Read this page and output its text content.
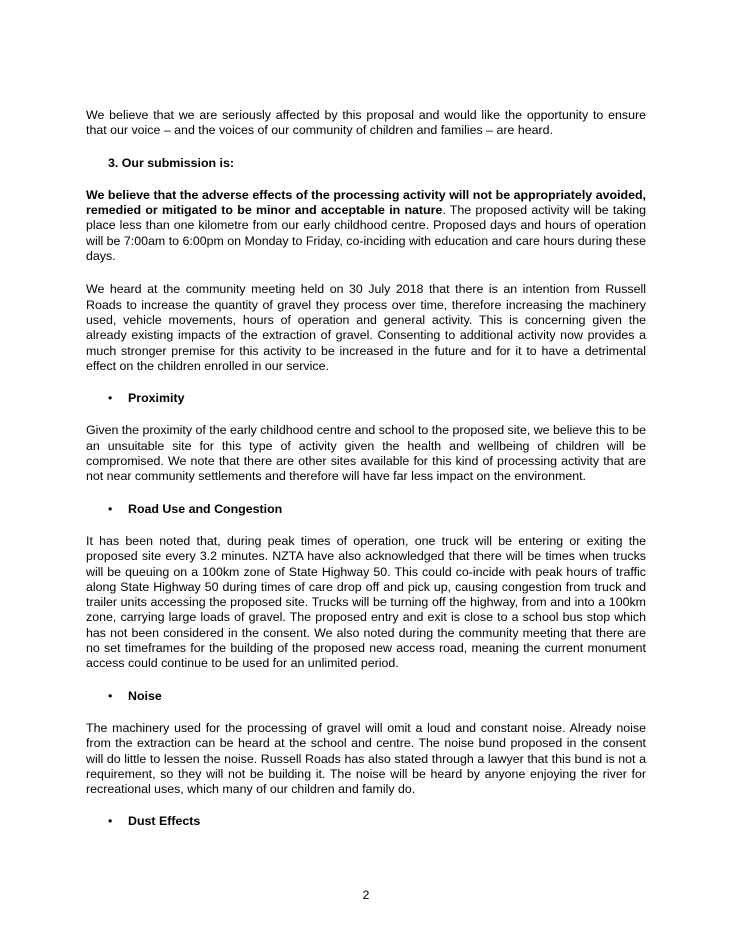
We believe that we are seriously affected by this proposal and would like the opportunity to ensure that our voice – and the voices of our community of children and families – are heard.

3. Our submission is:

We believe that the adverse effects of the processing activity will not be appropriately avoided, remedied or mitigated to be minor and acceptable in nature. The proposed activity will be taking place less than one kilometre from our early childhood centre. Proposed days and hours of operation will be 7:00am to 6:00pm on Monday to Friday, co-inciding with education and care hours during these days.

We heard at the community meeting held on 30 July 2018 that there is an intention from Russell Roads to increase the quantity of gravel they process over time, therefore increasing the machinery used, vehicle movements, hours of operation and general activity. This is concerning given the already existing impacts of the extraction of gravel. Consenting to additional activity now provides a much stronger premise for this activity to be increased in the future and for it to have a detrimental effect on the children enrolled in our service.

• Proximity

Given the proximity of the early childhood centre and school to the proposed site, we believe this to be an unsuitable site for this type of activity given the health and wellbeing of children will be compromised. We note that there are other sites available for this kind of processing activity that are not near community settlements and therefore will have far less impact on the environment.

• Road Use and Congestion

It has been noted that, during peak times of operation, one truck will be entering or exiting the proposed site every 3.2 minutes. NZTA have also acknowledged that there will be times when trucks will be queuing on a 100km zone of State Highway 50. This could co-incide with peak hours of traffic along State Highway 50 during times of care drop off and pick up, causing congestion from truck and trailer units accessing the proposed site. Trucks will be turning off the highway, from and into a 100km zone, carrying large loads of gravel. The proposed entry and exit is close to a school bus stop which has not been considered in the consent. We also noted during the community meeting that there are no set timeframes for the building of the proposed new access road, meaning the current monument access could continue to be used for an unlimited period.

• Noise

The machinery used for the processing of gravel will omit a loud and constant noise. Already noise from the extraction can be heard at the school and centre. The noise bund proposed in the consent will do little to lessen the noise. Russell Roads has also stated through a lawyer that this bund is not a requirement, so they will not be building it. The noise will be heard by anyone enjoying the river for recreational uses, which many of our children and family do.

• Dust Effects
2
